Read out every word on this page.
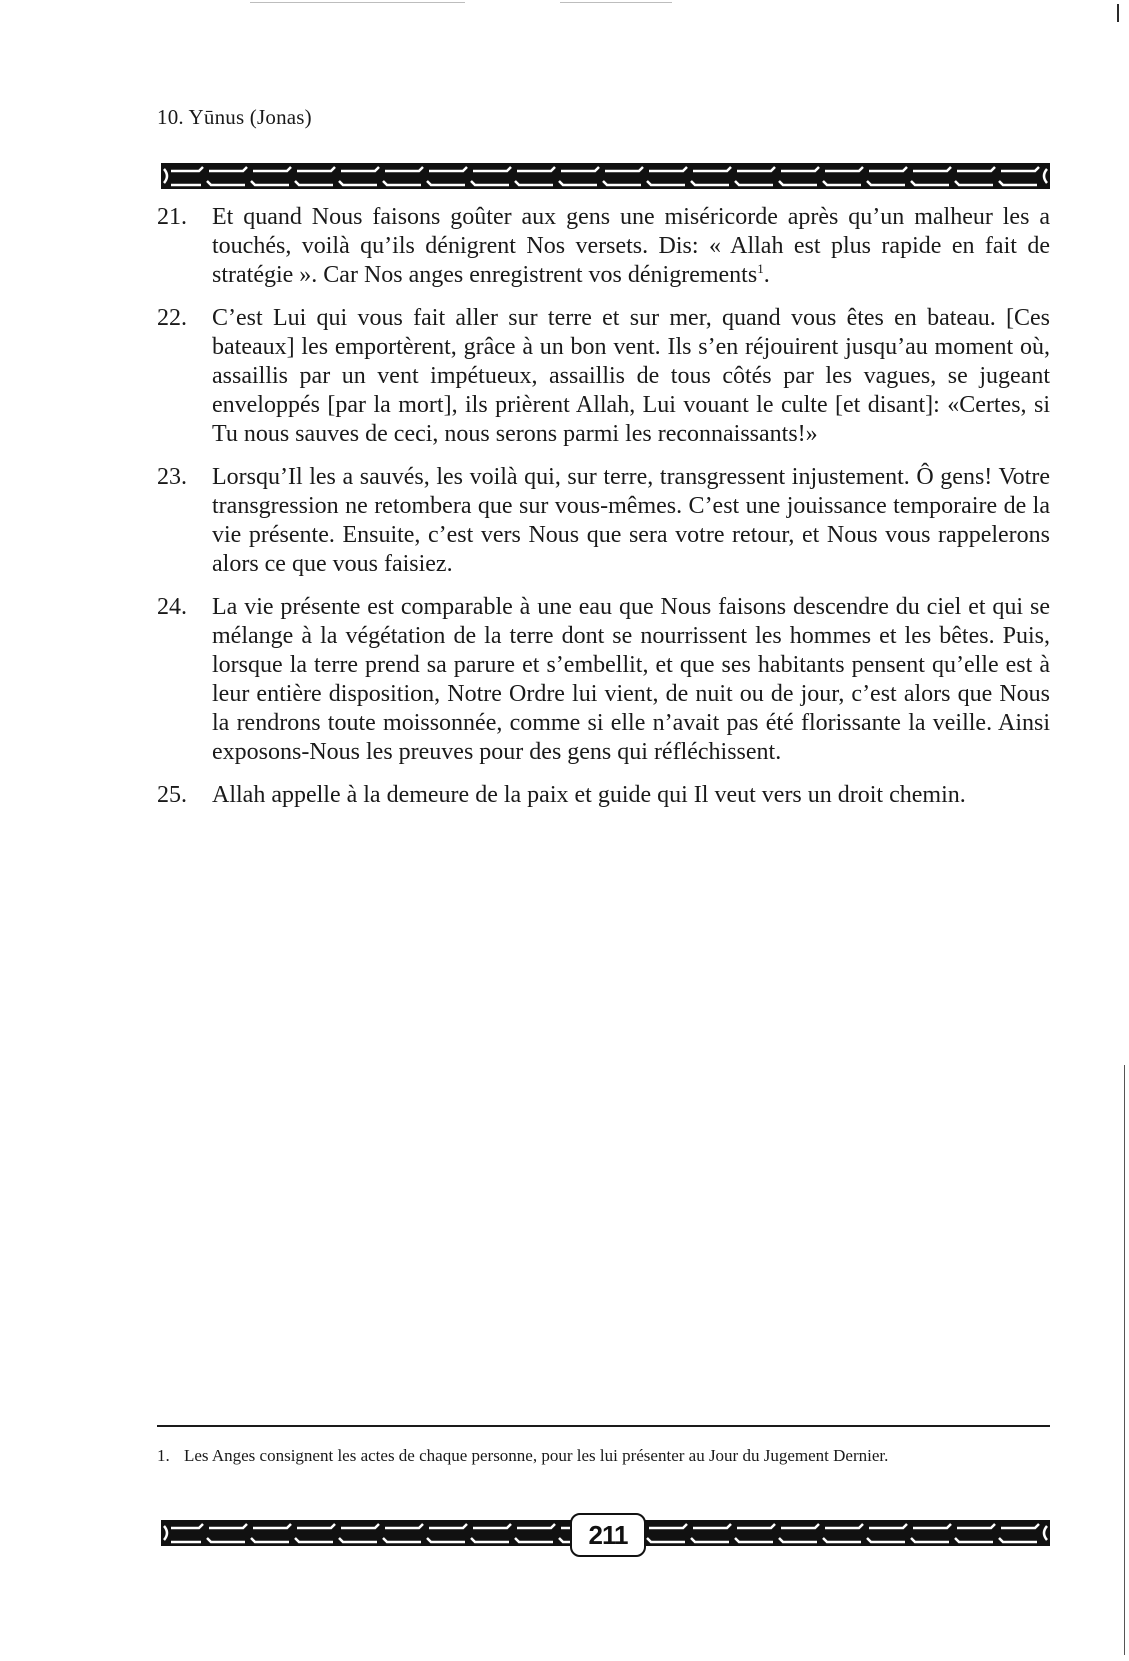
10. Yūnus (Jonas)
21. Et quand Nous faisons goûter aux gens une miséricorde après qu’un malheur les a touchés, voilà qu’ils dénigrent Nos versets. Dis: « Allah est plus rapide en fait de stratégie ». Car Nos anges enregistrent vos dénigrements$^1$.
22. C’est Lui qui vous fait aller sur terre et sur mer, quand vous êtes en bateau. [Ces bateaux] les emportèrent, grâce à un bon vent. Ils s’en réjouirent jusqu’au moment où, assaillis par un vent impétueux, assaillis de tous côtés par les vagues, se jugeant enveloppés [par la mort], ils prièrent Allah, Lui vouant le culte [et disant]: «Certes, si Tu nous sauves de ceci, nous serons parmi les reconnaissants!»
23. Lorsqu’Il les a sauvés, les voilà qui, sur terre, transgressent injustement. Ô gens! Votre transgression ne retombera que sur vous-mêmes. C’est une jouissance temporaire de la vie présente. Ensuite, c’est vers Nous que sera votre retour, et Nous vous rappelerons alors ce que vous faisiez.
24. La vie présente est comparable à une eau que Nous faisons descendre du ciel et qui se mélange à la végétation de la terre dont se nourrissent les hommes et les bêtes. Puis, lorsque la terre prend sa parure et s’embellit, et que ses habitants pensent qu’elle est à leur entière disposition, Notre Ordre lui vient, de nuit ou de jour, c’est alors que Nous la rendrons toute moissonnée, comme si elle n’avait pas été florissante la veille. Ainsi exposons-Nous les preuves pour des gens qui réfléchissent.
25. Allah appelle à la demeure de la paix et guide qui Il veut vers un droit chemin.
1. Les Anges consignent les actes de chaque personne, pour les lui présenter au Jour du Jugement Dernier.
211
